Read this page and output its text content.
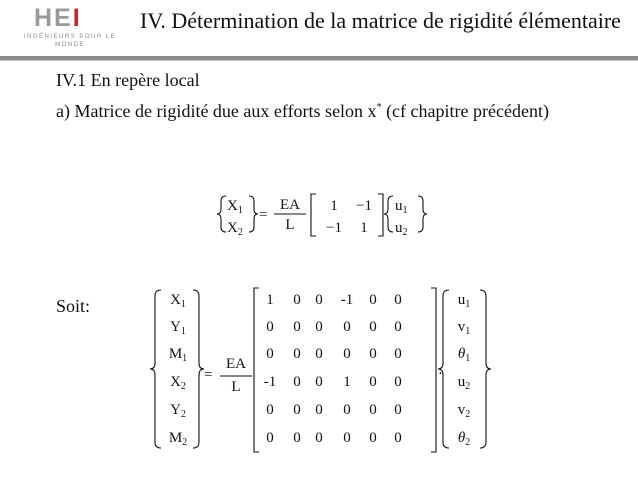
HEI
INGÉNIEURS POUR LE MONDE
IV. Détermination de la matrice de rigidité élémentaire
IV.1 En repère local
a) Matrice de rigidité due aux efforts selon x* (cf chapitre précédent)
Soit:
$X_1$
$X_2$
=
EA
L
1	−1
−1	1
$u_1$
$u_2$
$X_1$
$Y_1$
$M_1$
$X_2$
$Y_2$
$M_2$
=
EA
L
1	0 0	-1	0 0
0	0 0	0	0 0
0	0 0	0	0 0
-1 0 0	1	0 0
0	0 0	0	0 0
0	0 0	0	0 0
·
$u_1$
$v_1$
$\theta_1$
$u_2$
$v_2$
$\theta_2$
